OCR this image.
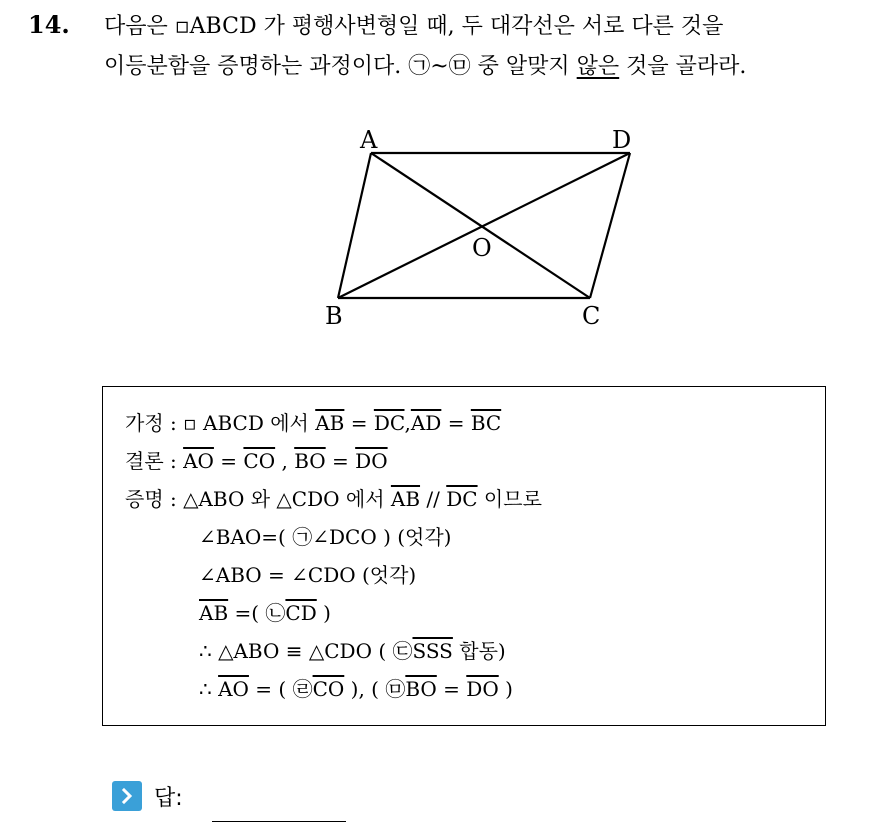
14. 다음은 ▫ABCD 가 평행사변형일 때, 두 대각선은 서로 다른 것을
이등분함을 증명하는 과정이다. ㉠~㉤ 중 알맞지 않은 것을 골라라.
A	D
B	C
O
가정 : ▫ ABCD 에서 $\overline{AB} = \overline{DC},\overline{AD} = \overline{BC}$
결론 : $\overline{AO} = \overline{CO}$ , $\overline{BO} = \overline{DO}$
증명 : △ABO 와 △CDO 에서 $\overline{AB} // \overline{DC}$ 이므로
∠BAO=( ㉠∠DCO ) (엇각)
∠ABO = ∠CDO (엇각)
$\overline{AB}$ =( $㉡\overline{CD}$ )
∴ △ABO ≡ △CDO ( $㉢\overline{SSS}$ 합동)
∴ $\overline{AO}$ = ( $㉣\overline{CO}$ ), ( $㉤\overline{BO} = \overline{DO}$ )
답:
